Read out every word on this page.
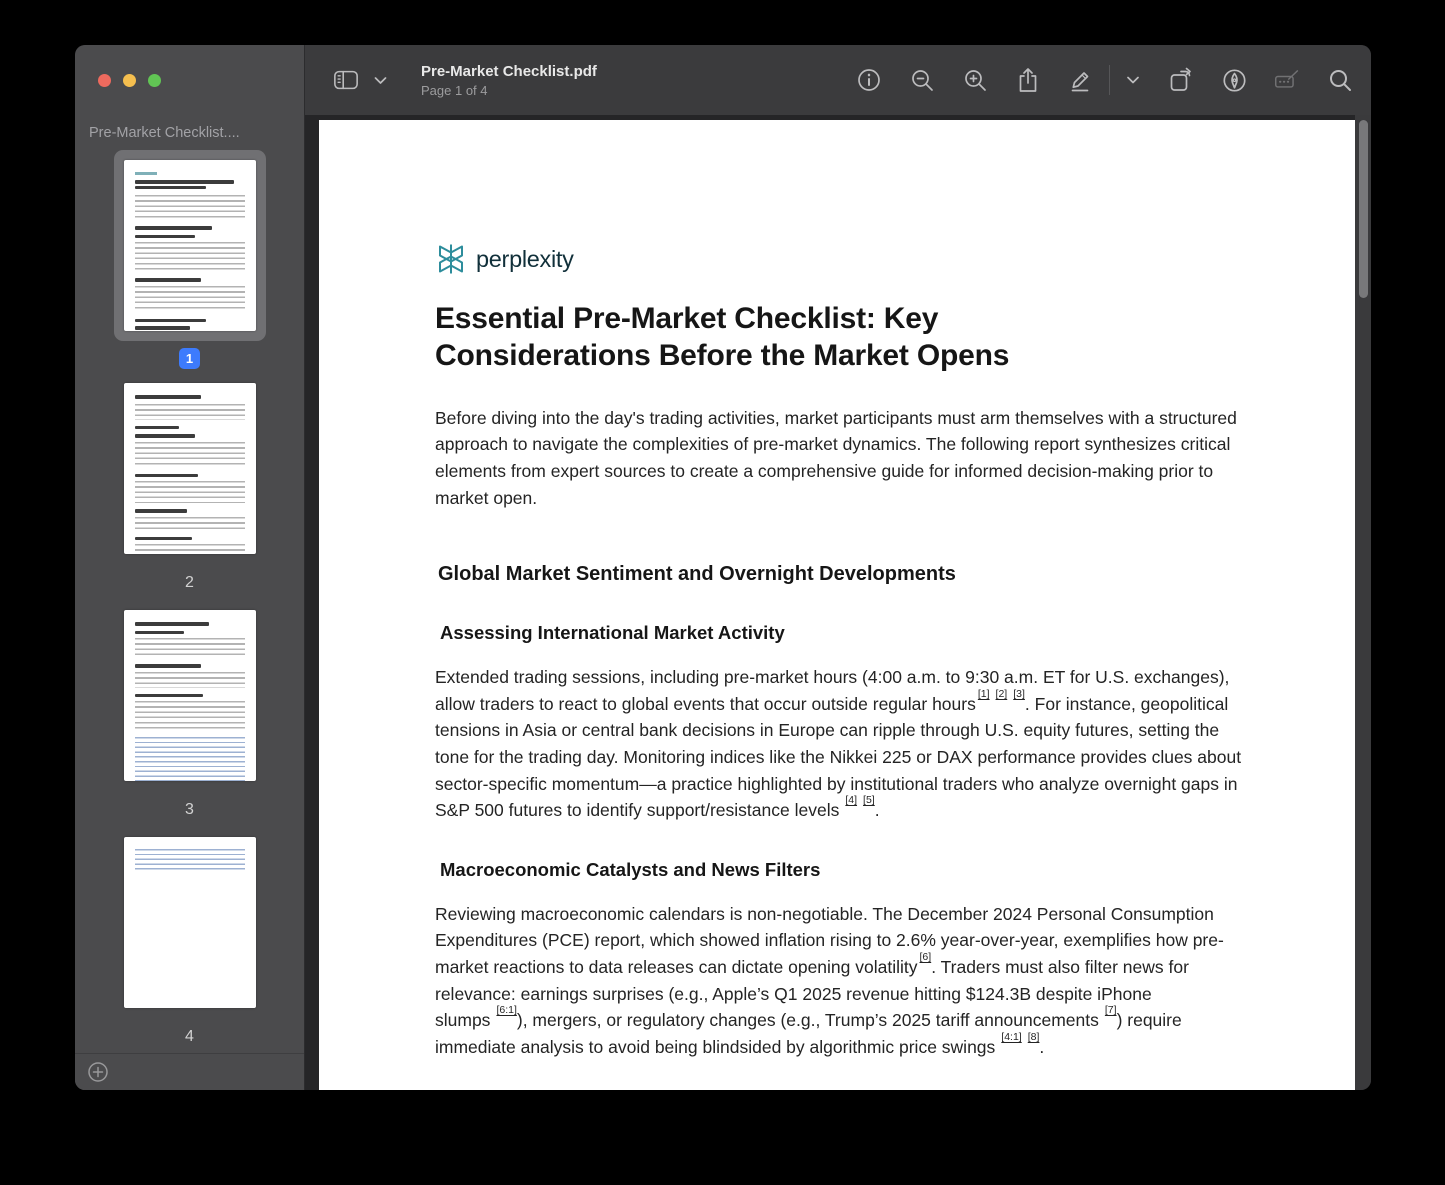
Pre-Market Checklist....
1
2
3
4
Pre-Market Checklist.pdf
Page 1 of 4
perplexity
Essential Pre-Market Checklist: Key Considerations Before the Market Opens

Before diving into the day's trading activities, market participants must arm themselves with a structured approach to navigate the complexities of pre-market dynamics. The following report synthesizes critical elements from expert sources to create a comprehensive guide for informed decision-making prior to market open.

Global Market Sentiment and Overnight Developments
Assessing International Market Activity

Extended trading sessions, including pre-market hours (4:00 a.m. to 9:30 a.m. ET for U.S. exchanges), allow traders to react to global events that occur outside regular hours [1] [2] [3]. For instance, geopolitical tensions in Asia or central bank decisions in Europe can ripple through U.S. equity futures, setting the tone for the trading day. Monitoring indices like the Nikkei 225 or DAX performance provides clues about sector-specific momentum—a practice highlighted by institutional traders who analyze overnight gaps in S&P 500 futures to identify support/resistance levels [4] [5].

Macroeconomic Catalysts and News Filters

Reviewing macroeconomic calendars is non-negotiable. The December 2024 Personal Consumption Expenditures (PCE) report, which showed inflation rising to 2.6% year-over-year, exemplifies how pre-market reactions to data releases can dictate opening volatility [6]. Traders must also filter news for relevance: earnings surprises (e.g., Apple’s Q1 2025 revenue hitting $124.3B despite iPhone slumps [6:1]), mergers, or regulatory changes (e.g., Trump’s 2025 tariff announcements [7]) require immediate analysis to avoid being blindsided by algorithmic price swings [4:1] [8].
